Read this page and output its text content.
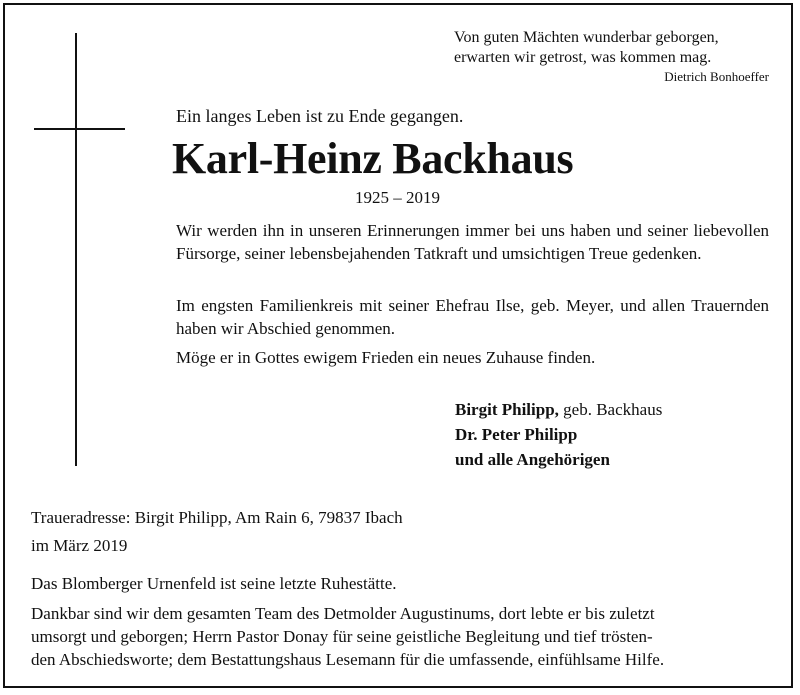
Von guten Mächten wunderbar geborgen,
erwarten wir getrost, was kommen mag.
Dietrich Bonhoeffer
Ein langes Leben ist zu Ende gegangen.
Karl-Heinz Backhaus
1925 – 2019
Wir werden ihn in unseren Erinnerungen immer bei uns haben und seiner liebevollen Fürsorge, seiner lebensbejahenden Tatkraft und umsichtigen Treue gedenken.
Im engsten Familienkreis mit seiner Ehefrau Ilse, geb. Meyer, und allen Trauernden haben wir Abschied genommen.
Möge er in Gottes ewigem Frieden ein neues Zuhause finden.
Birgit Philipp, geb. Backhaus
Dr. Peter Philipp
und alle Angehörigen
Traueradresse: Birgit Philipp, Am Rain 6, 79837 Ibach
im März 2019
Das Blomberger Urnenfeld ist seine letzte Ruhestätte.
Dankbar sind wir dem gesamten Team des Detmolder Augustinums, dort lebte er bis zuletzt
umsorgt und geborgen; Herrn Pastor Donay für seine geistliche Begleitung und tief trösten-
den Abschiedsworte; dem Bestattungshaus Lesemann für die umfassende, einfühlsame Hilfe.
